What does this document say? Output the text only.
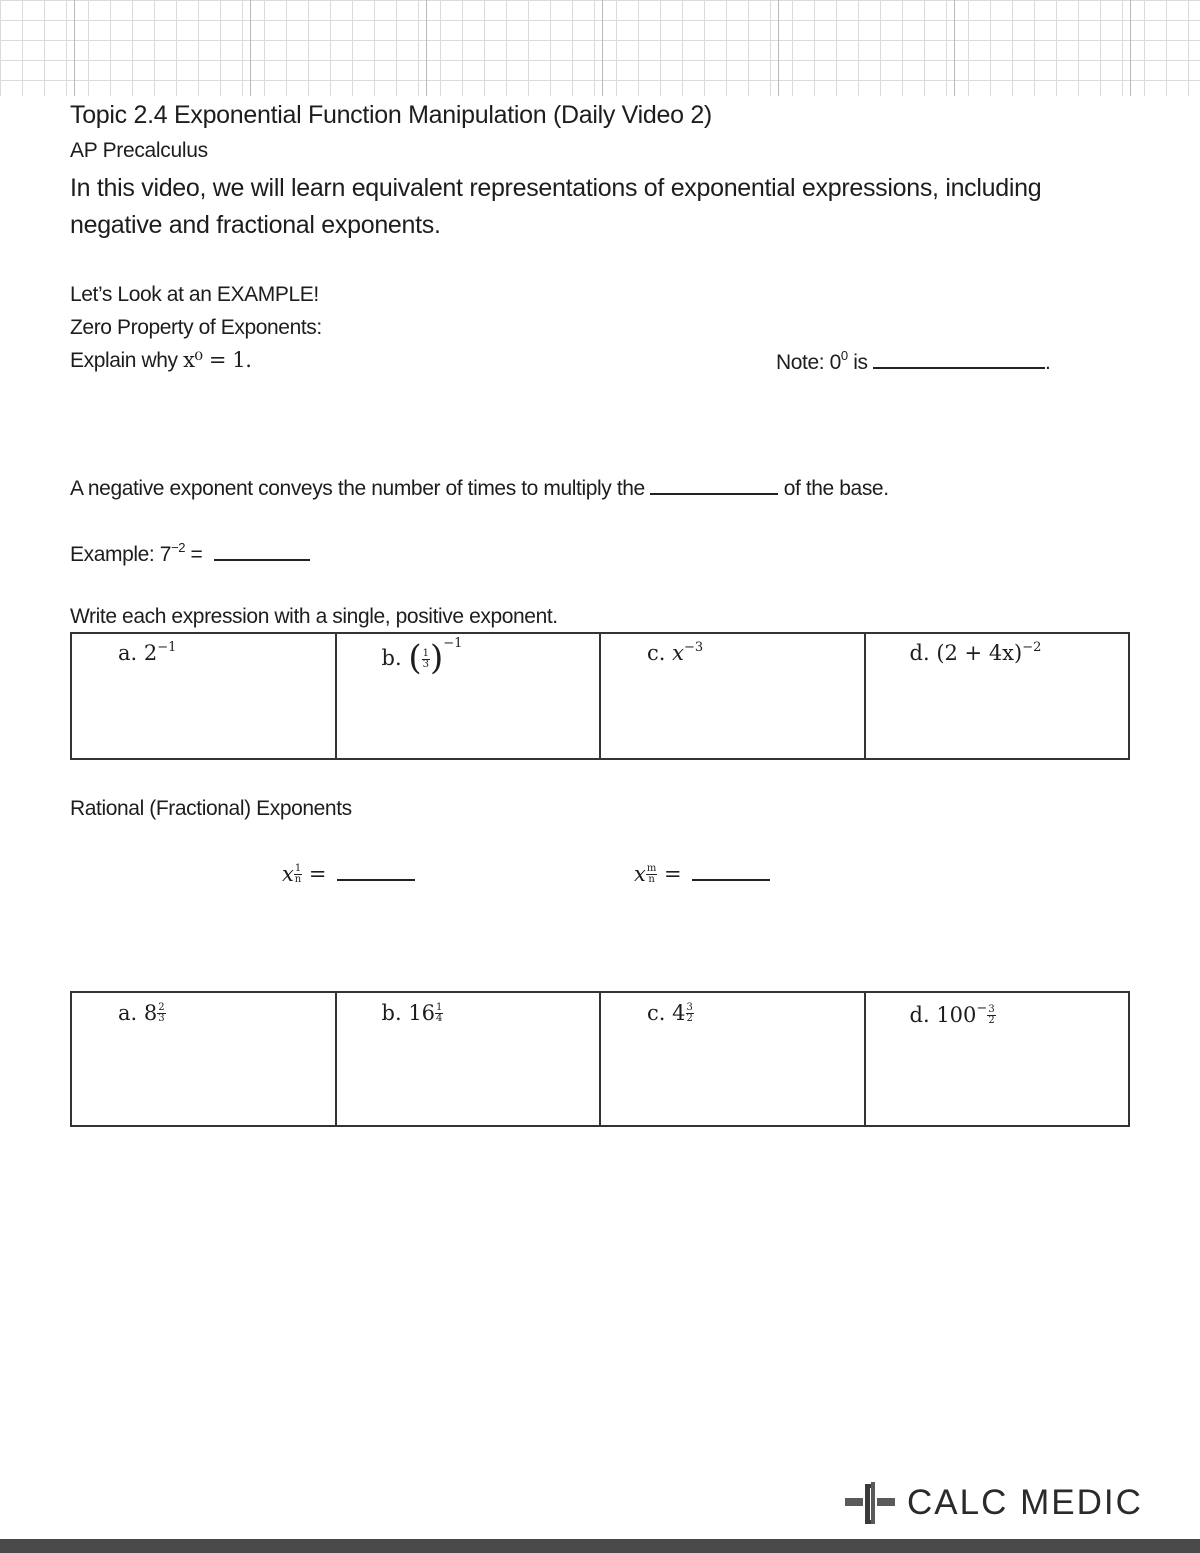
Topic 2.4 Exponential Function Manipulation (Daily Video 2)
AP Precalculus
In this video, we will learn equivalent representations of exponential expressions, including negative and fractional exponents.
Let’s Look at an EXAMPLE!
Zero Property of Exponents:
Explain why x⁰ = 1.	Note: $0^0$ is	.
A negative exponent conveys the number of times to multiply the	of the base.
Example: $7^{-2}$ =
Write each expression with a single, positive exponent.
a. $2^{-1}$	b. ( $\frac{1}{3} )^{-1}$	c. $x^{-3}$	d. $(2 + 4x)^{-2}$
Rational (Fractional) Exponents
x $\frac{1}{n}$ =	x $\frac{m}{n}$ =
a. $8 \frac{2}{3}$	b. $16 \frac{1}{4}$	c. $4 \frac{3}{2}$	d. $100^- \frac{3}{2}$
CALC MEDIC
